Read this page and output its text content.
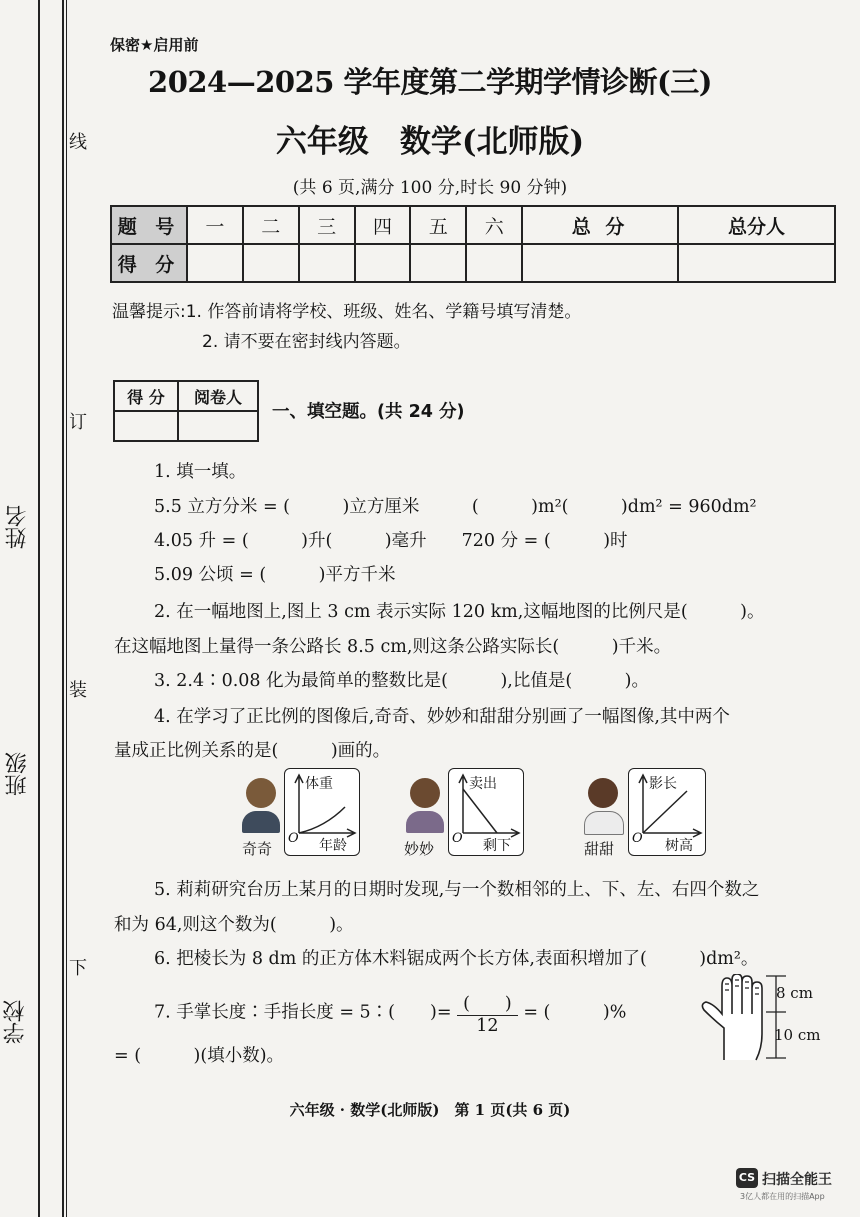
线
订
装
下
姓名
班级
学校
保密★启用前
2024—2025 学年度第二学期学情诊断(三)
六年级　数学(北师版)
(共 6 页,满分 100 分,时长 90 分钟)
题 号	一	二	三	四	五	六	总 分	总分人
得 分								
温馨提示:1. 作答前请将学校、班级、姓名、学籍号填写清楚。
2. 请不要在密封线内答题。
得 分	阅卷人

一、填空题。(共 24 分)
1. 填一填。
5.5 立方分米 = (　　　)立方厘米　　　(　　　)m²(　　　)dm² = 960dm²
4.05 升 = (　　　)升(　　　)毫升　　720 分 = (　　　)时
5.09 公顷 = (　　　)平方千米
2. 在一幅地图上,图上 3 cm 表示实际 120 km,这幅地图的比例尺是(　　　)。
在这幅地图上量得一条公路长 8.5 cm,则这条公路实际长(　　　)千米。
3. 2.4∶0.08 化为最简单的整数比是(　　　),比值是(　　　)。
4. 在学习了正比例的图像后,奇奇、妙妙和甜甜分别画了一幅图像,其中两个
量成正比例关系的是(　　　)画的。
奇奇
体重
O 年龄	妙妙
卖出
O 剩下	甜甜
影长
O 树高
5. 莉莉研究台历上某月的日期时发现,与一个数相邻的上、下、左、右四个数之
和为 64,则这个数为(　　　)。
6. 把棱长为 8 dm 的正方体木料锯成两个长方体,表面积增加了(　　　)dm²。
7. 手掌长度∶手指长度 = 5∶(　　)= $\frac{( )}{12}$ = (　　　)%
= (　　　)(填小数)。
8 cm
10 cm
六年级 · 数学(北师版)　第 1 页(共 6 页)
CS 扫描全能王
3亿人都在用的扫描App
